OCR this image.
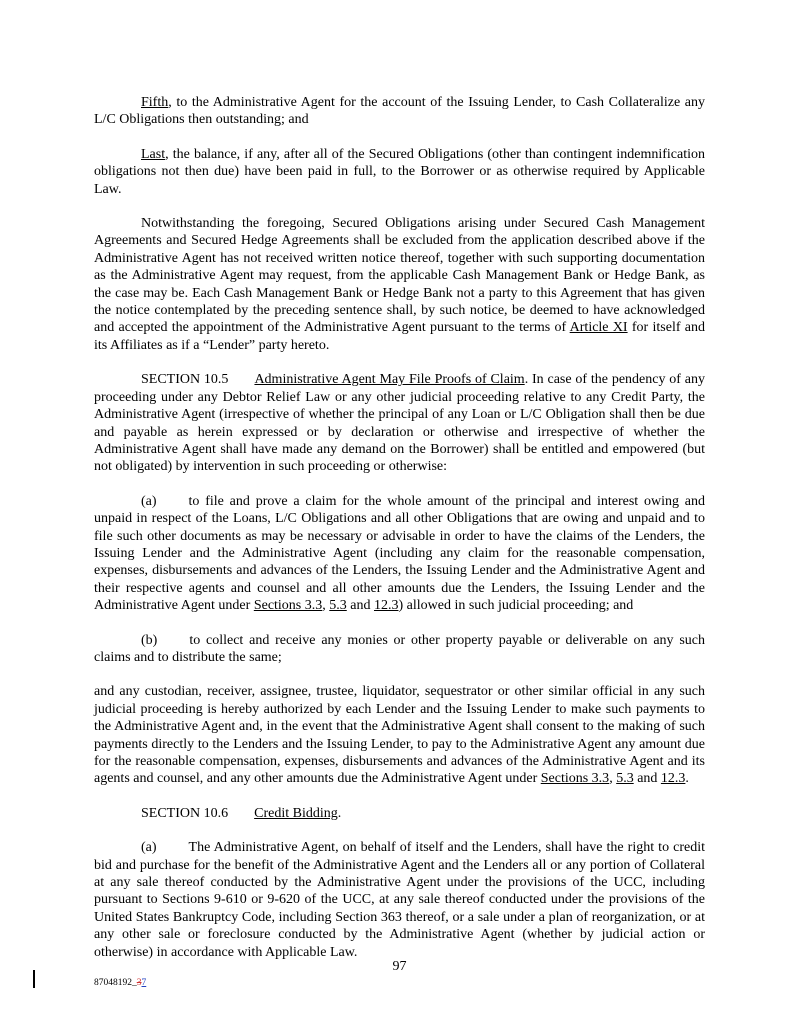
Fifth, to the Administrative Agent for the account of the Issuing Lender, to Cash Collateralize any L/C Obligations then outstanding; and

Last, the balance, if any, after all of the Secured Obligations (other than contingent indemnification obligations not then due) have been paid in full, to the Borrower or as otherwise required by Applicable Law.

Notwithstanding the foregoing, Secured Obligations arising under Secured Cash Management Agreements and Secured Hedge Agreements shall be excluded from the application described above if the Administrative Agent has not received written notice thereof, together with such supporting documentation as the Administrative Agent may request, from the applicable Cash Management Bank or Hedge Bank, as the case may be. Each Cash Management Bank or Hedge Bank not a party to this Agreement that has given the notice contemplated by the preceding sentence shall, by such notice, be deemed to have acknowledged and accepted the appointment of the Administrative Agent pursuant to the terms of Article XI for itself and its Affiliates as if a “Lender” party hereto.

SECTION 10.5 Administrative Agent May File Proofs of Claim. In case of the pendency of any proceeding under any Debtor Relief Law or any other judicial proceeding relative to any Credit Party, the Administrative Agent (irrespective of whether the principal of any Loan or L/C Obligation shall then be due and payable as herein expressed or by declaration or otherwise and irrespective of whether the Administrative Agent shall have made any demand on the Borrower) shall be entitled and empowered (but not obligated) by intervention in such proceeding or otherwise:

(a) to file and prove a claim for the whole amount of the principal and interest owing and unpaid in respect of the Loans, L/C Obligations and all other Obligations that are owing and unpaid and to file such other documents as may be necessary or advisable in order to have the claims of the Lenders, the Issuing Lender and the Administrative Agent (including any claim for the reasonable compensation, expenses, disbursements and advances of the Lenders, the Issuing Lender and the Administrative Agent and their respective agents and counsel and all other amounts due the Lenders, the Issuing Lender and the Administrative Agent under Sections 3.3, 5.3 and 12.3) allowed in such judicial proceeding; and

(b) to collect and receive any monies or other property payable or deliverable on any such claims and to distribute the same;

and any custodian, receiver, assignee, trustee, liquidator, sequestrator or other similar official in any such judicial proceeding is hereby authorized by each Lender and the Issuing Lender to make such payments to the Administrative Agent and, in the event that the Administrative Agent shall consent to the making of such payments directly to the Lenders and the Issuing Lender, to pay to the Administrative Agent any amount due for the reasonable compensation, expenses, disbursements and advances of the Administrative Agent and its agents and counsel, and any other amounts due the Administrative Agent under Sections 3.3, 5.3 and 12.3.

SECTION 10.6 Credit Bidding.

(a) The Administrative Agent, on behalf of itself and the Lenders, shall have the right to credit bid and purchase for the benefit of the Administrative Agent and the Lenders all or any portion of Collateral at any sale thereof conducted by the Administrative Agent under the provisions of the UCC, including pursuant to Sections 9-610 or 9-620 of the UCC, at any sale thereof conducted under the provisions of the United States Bankruptcy Code, including Section 363 thereof, or a sale under a plan of reorganization, or at any other sale or foreclosure conducted by the Administrative Agent (whether by judicial action or otherwise) in accordance with Applicable Law.

97
87048192_37
